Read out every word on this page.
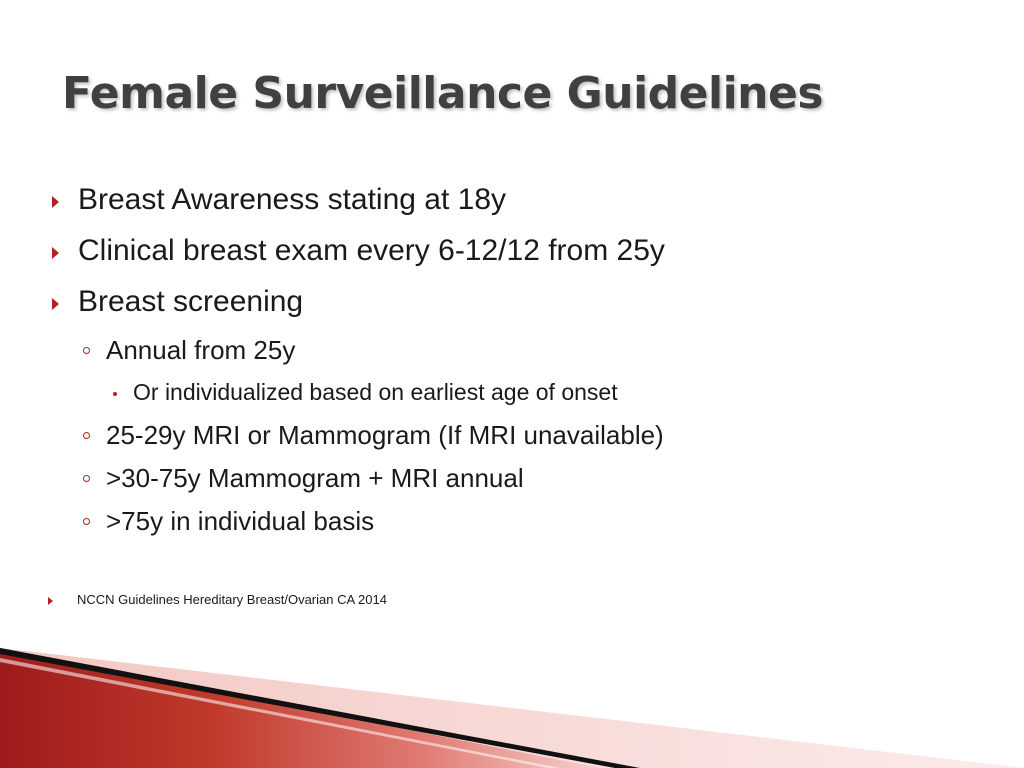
Female Surveillance Guidelines
Breast Awareness stating at 18y
Clinical breast exam every 6-12/12 from 25y
Breast screening
Annual from 25y
Or individualized based on earliest age of onset
25-29y MRI or Mammogram (If MRI unavailable)
>30-75y Mammogram + MRI annual
>75y in individual basis
NCCN Guidelines Hereditary Breast/Ovarian CA 2014
